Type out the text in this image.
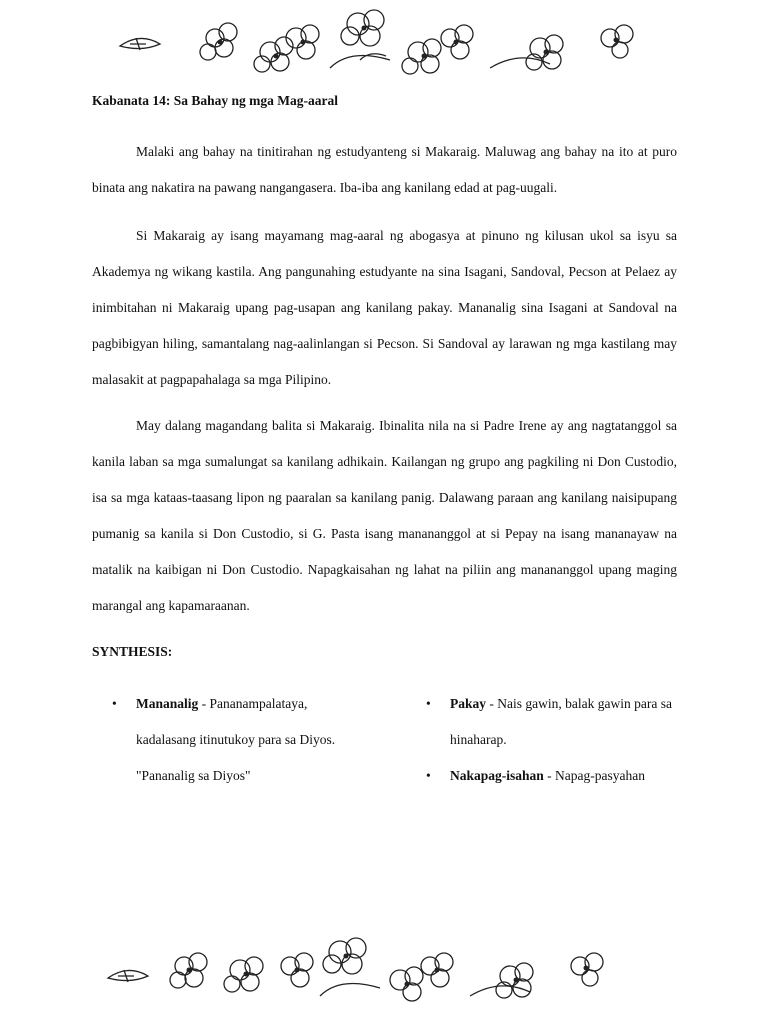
Kabanata 14: Sa Bahay ng mga Mag-aaral

Malaki ang bahay na tinitirahan ng estudyanteng si Makaraig. Maluwag ang bahay na ito at puro binata ang nakatira na pawang nangangasera. Iba-iba ang kanilang edad at pag-uugali.

Si Makaraig ay isang mayamang mag-aaral ng abogasya at pinuno ng kilusan ukol sa isyu sa Akademya ng wikang kastila. Ang pangunahing estudyante na sina Isagani, Sandoval, Pecson at Pelaez ay inimbitahan ni Makaraig upang pag-usapan ang kanilang pakay. Mananalig sina Isagani at Sandoval na pagbibigyan hiling, samantalang nag-aalinlangan si Pecson. Si Sandoval ay larawan ng mga kastilang may malasakit at pagpapahalaga sa mga Pilipino.

May dalang magandang balita si Makaraig. Ibinalita nila na si Padre Irene ay ang nagtatanggol sa kanila laban sa mga sumalungat sa kanilang adhikain. Kailangan ng grupo ang pagkiling ni Don Custodio, isa sa mga kataas-taasang lipon ng paaralan sa kanilang panig. Dalawang paraan ang kanilang naisipupang pumanig sa kanila si Don Custodio, si G. Pasta isang manananggol at si Pepay na isang mananayaw na matalik na kaibigan ni Don Custodio. Napagkaisahan ng lahat na piliin ang manananggol upang maging marangal ang kapamaraanan.

SYNTHESIS:

• Mananalig - Pananampalataya, kadalasang itinutukoy para sa Diyos. "Pananalig sa Diyos"

• Pakay - Nais gawin, balak gawin para sa hinaharap.

• Nakapag-isahan - Napag-pasyahan
